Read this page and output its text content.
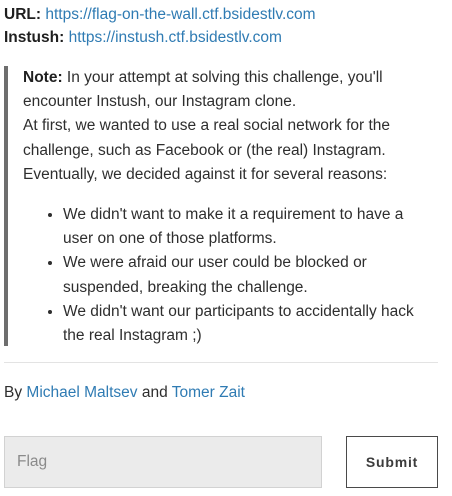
URL: https://flag-on-the-wall.ctf.bsidestlv.com
Instush: https://instush.ctf.bsidestlv.com

Note: In your attempt at solving this challenge, you'll encounter Instush, our Instagram clone.
At first, we wanted to use a real social network for the challenge, such as Facebook or (the real) Instagram. Eventually, we decided against it for several reasons:

• We didn't want to make it a requirement to have a user on one of those platforms.
• We were afraid our user could be blocked or suspended, breaking the challenge.
• We didn't want our participants to accidentally hack the real Instagram ;)
By Michael Maltsev and Tomer Zait
Flag
Submit
